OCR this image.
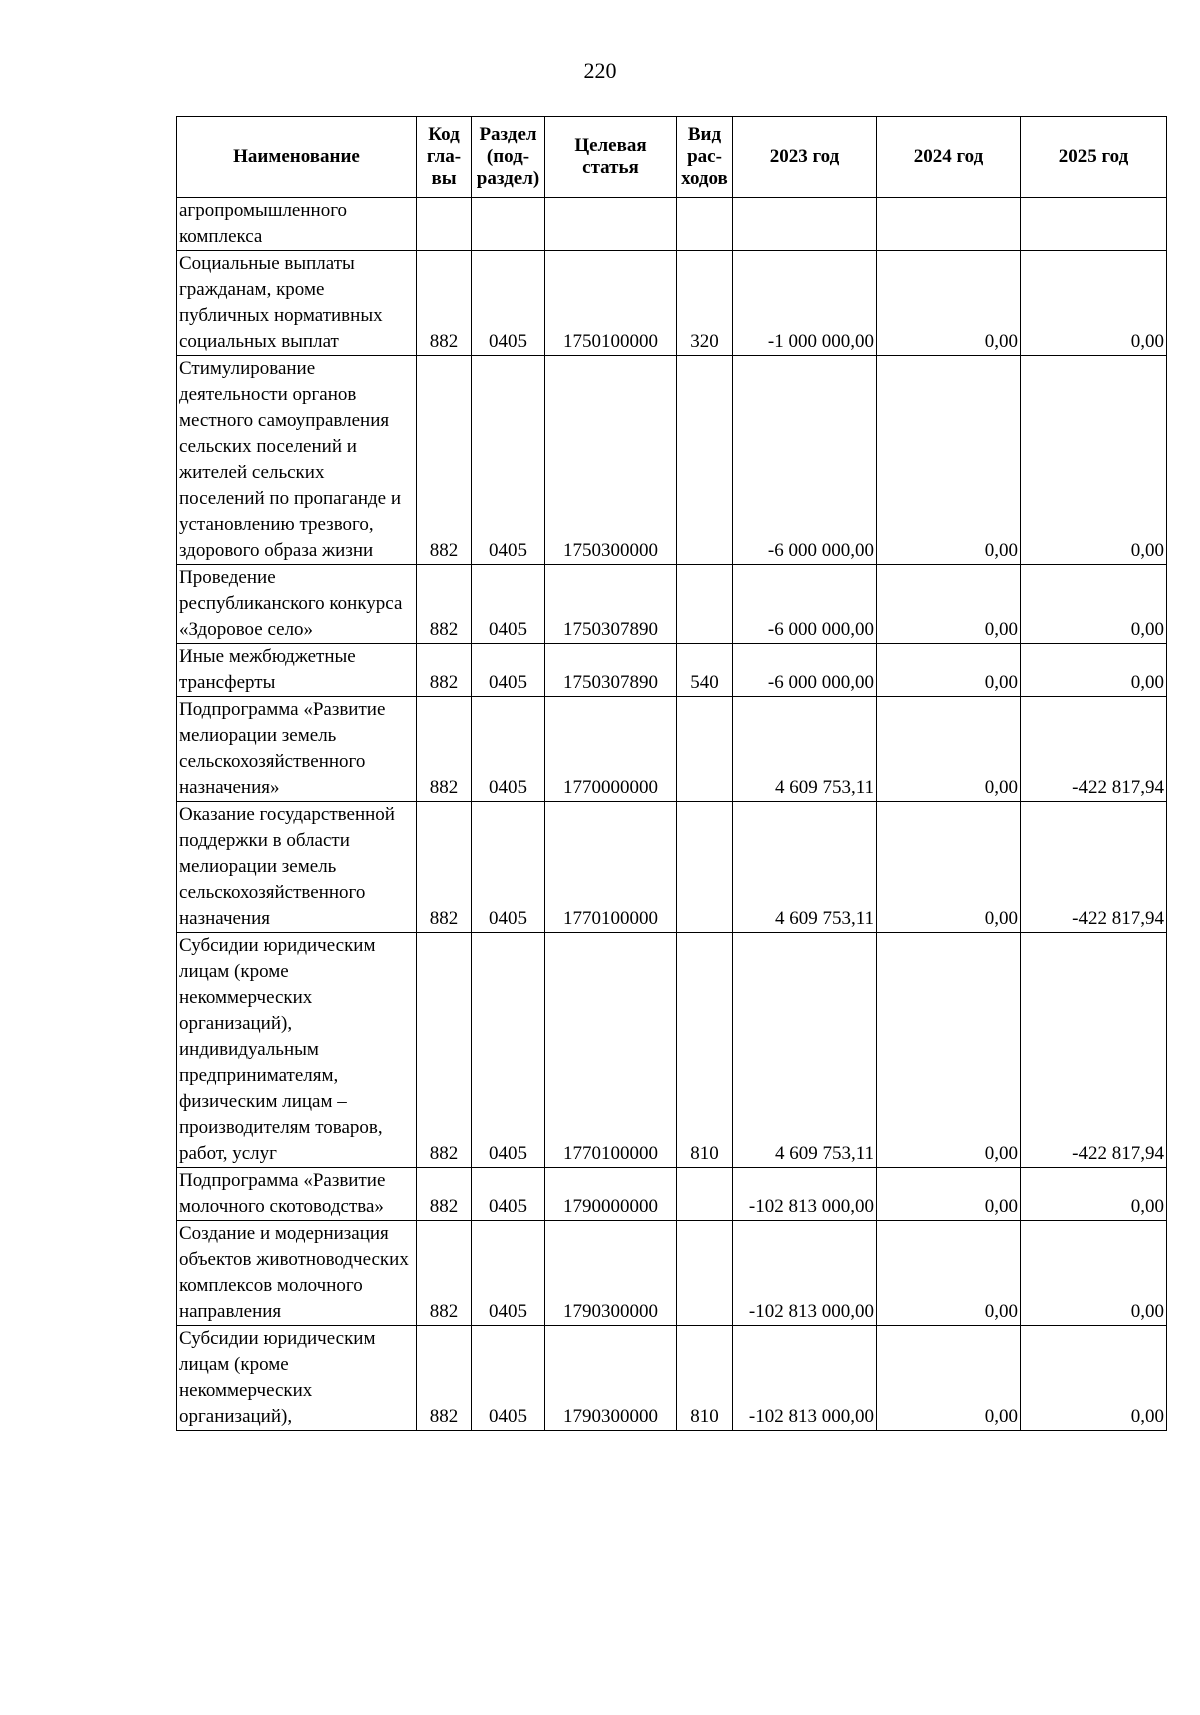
220
Наименование	Код гла-вы	Раздел (под-раздел)	Целевая статья	Вид рас-ходов	2023 год	2024 год	2025 год
агропромышленного комплекса							
Социальные выплаты гражданам, кроме публичных нормативных социальных выплат	882	0405	1750100000	320	-1 000 000,00	0,00	0,00
Стимулирование деятельности органов местного самоуправления сельских поселений и жителей сельских поселений по пропаганде и установлению трезвого, здорового образа жизни	882	0405	1750300000		-6 000 000,00	0,00	0,00
Проведение республиканского конкурса «Здоровое село»	882	0405	1750307890		-6 000 000,00	0,00	0,00
Иные межбюджетные трансферты	882	0405	1750307890	540	-6 000 000,00	0,00	0,00
Подпрограмма «Развитие мелиорации земель сельскохозяйственного назначения»	882	0405	1770000000		4 609 753,11	0,00	-422 817,94
Оказание государственной поддержки в области мелиорации земель сельскохозяйственного назначения	882	0405	1770100000		4 609 753,11	0,00	-422 817,94
Субсидии юридическим лицам (кроме некоммерческих организаций), индивидуальным предпринимателям, физическим лицам – производителям товаров, работ, услуг	882	0405	1770100000	810	4 609 753,11	0,00	-422 817,94
Подпрограмма «Развитие молочного скотоводства»	882	0405	1790000000		-102 813 000,00	0,00	0,00
Создание и модернизация объектов животноводческих комплексов молочного направления	882	0405	1790300000		-102 813 000,00	0,00	0,00
Субсидии юридическим лицам (кроме некоммерческих организаций),	882	0405	1790300000	810	-102 813 000,00	0,00	0,00
